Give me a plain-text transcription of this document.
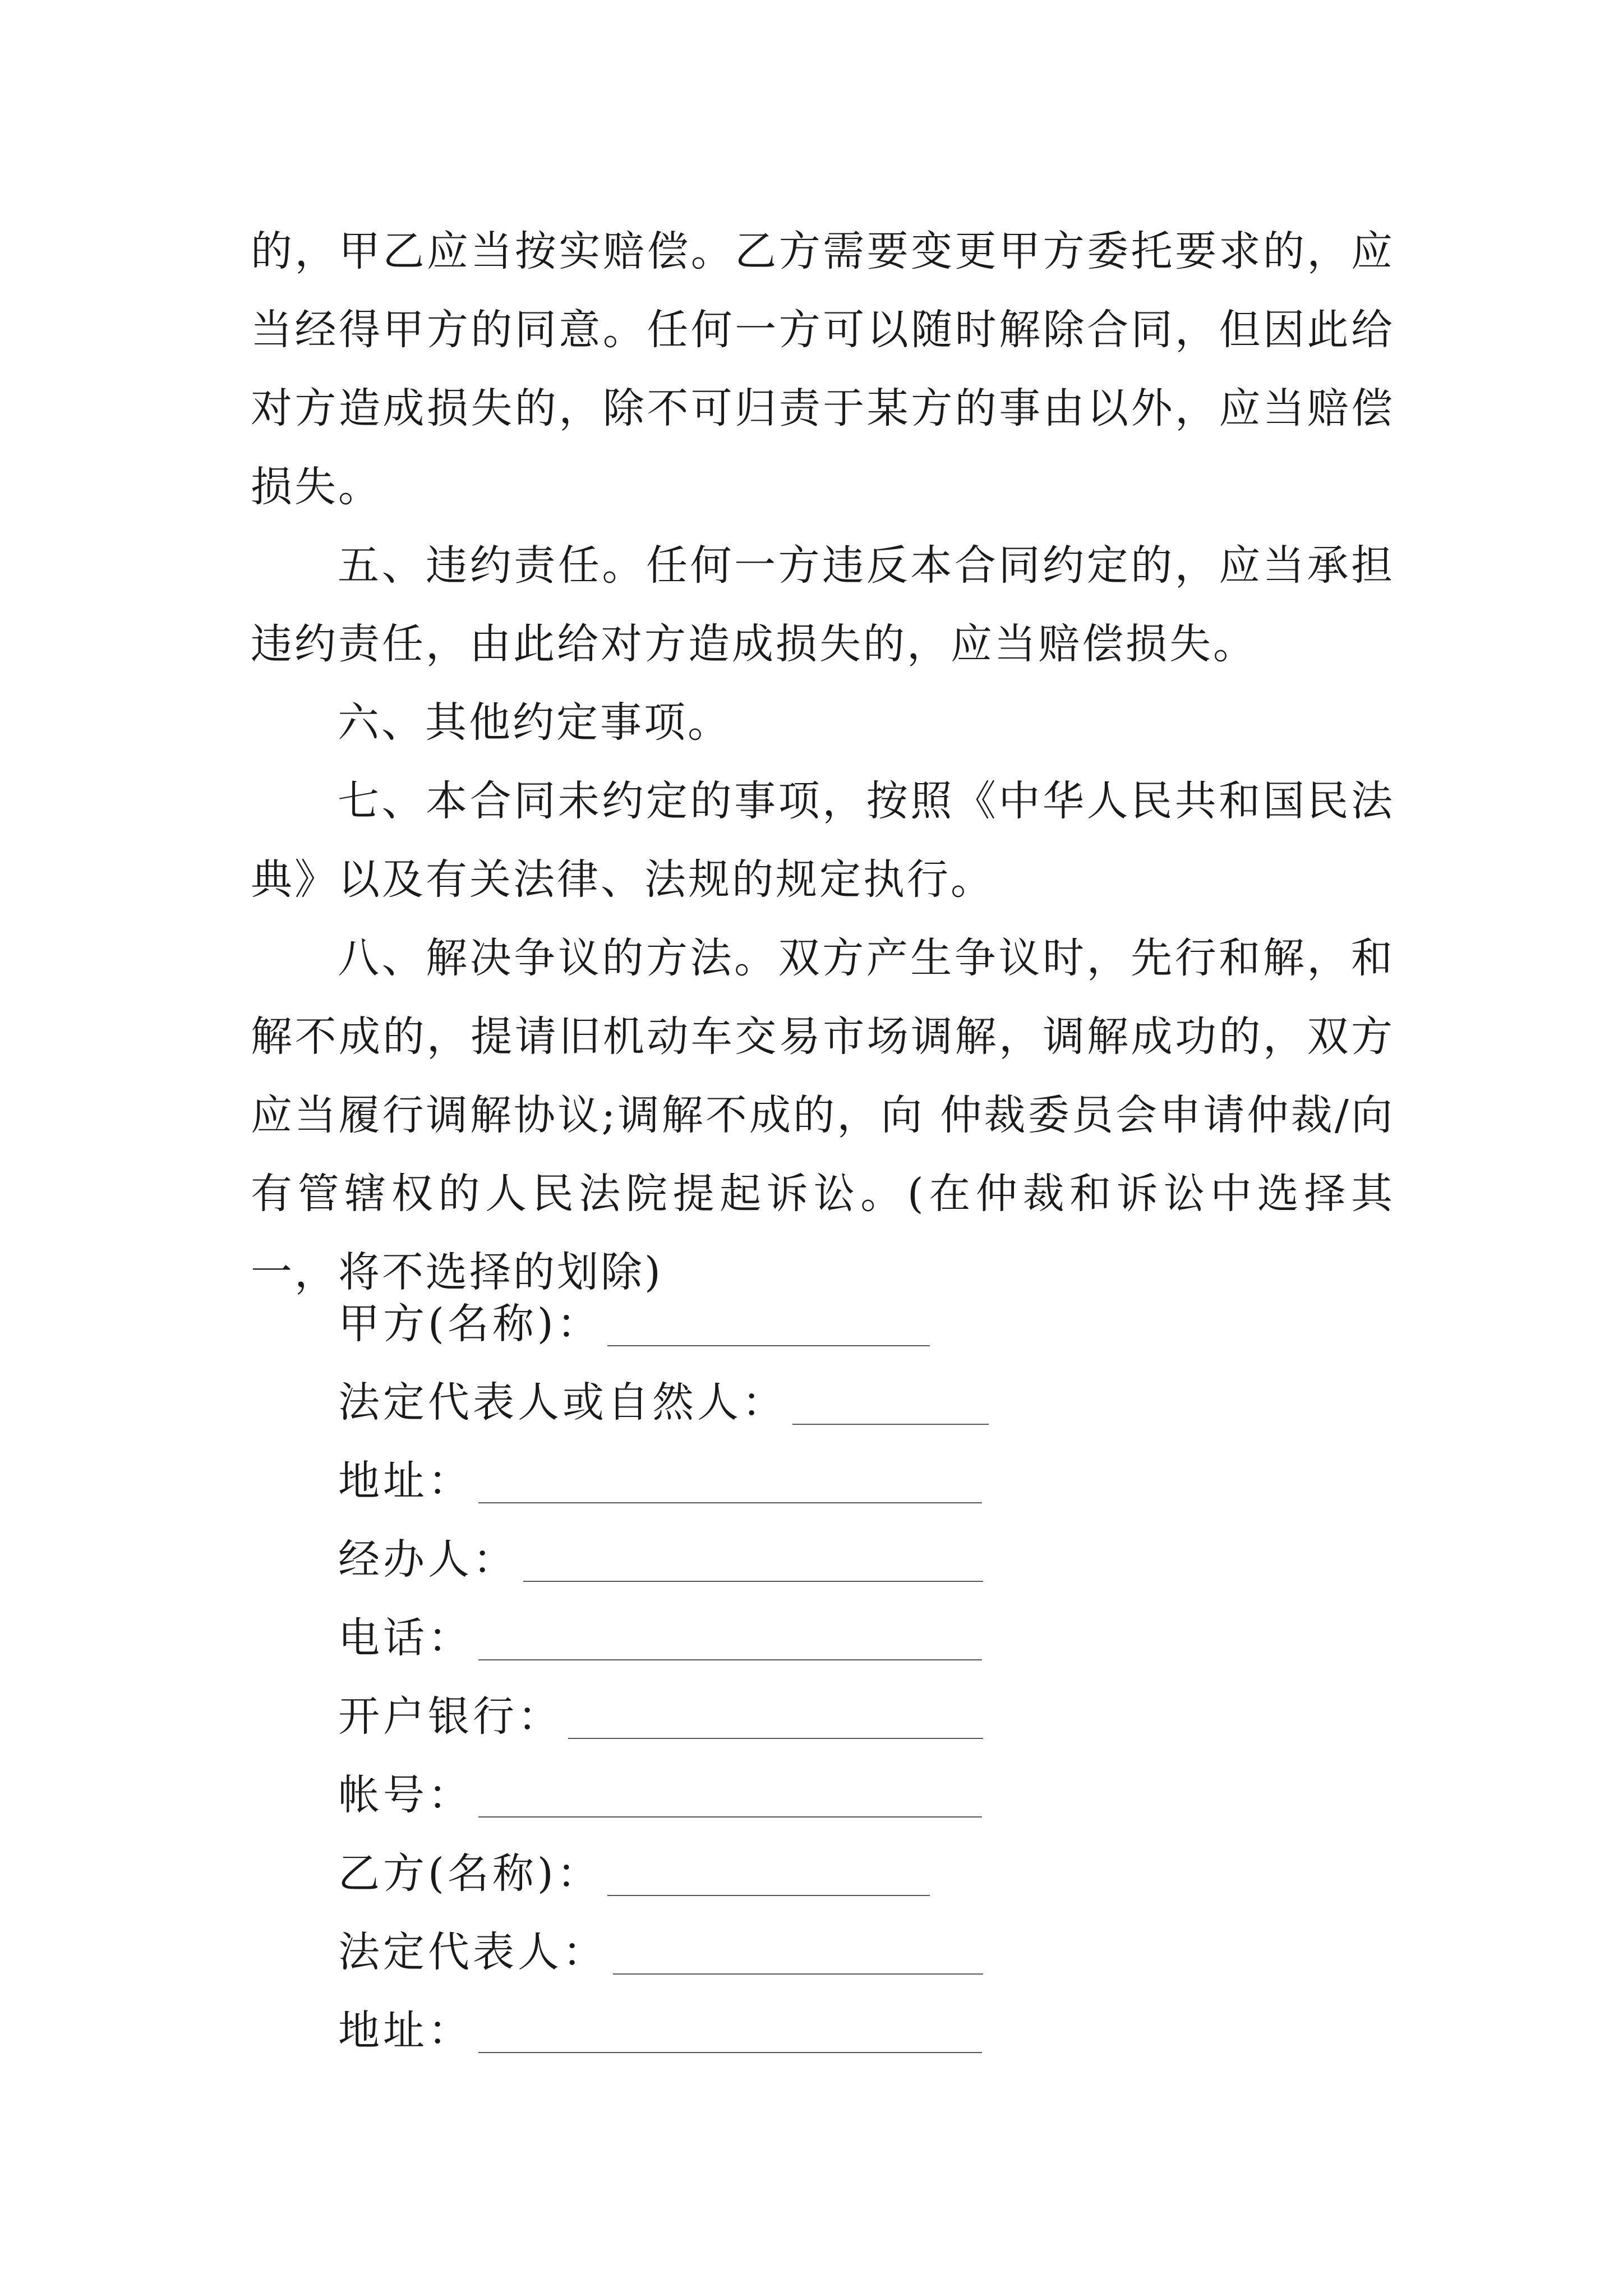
的，甲乙应当按实赔偿。乙方需要变更甲方委托要求的，应当经得甲方的同意。任何一方可以随时解除合同，但因此给对方造成损失的，除不可归责于某方的事由以外，应当赔偿损失。

五、违约责任。任何一方违反本合同约定的，应当承担违约责任，由此给对方造成损失的，应当赔偿损失。

六、其他约定事项。

七、本合同未约定的事项，按照《中华人民共和国民法典》以及有关法律、法规的规定执行。

八、解决争议的方法。双方产生争议时，先行和解，和解不成的，提请旧机动车交易市场调解，调解成功的，双方应当履行调解协议;调解不成的，向 仲裁委员会申请仲裁/向有管辖权的人民法院提起诉讼。(在仲裁和诉讼中选择其一，将不选择的划除)

甲方(名称)：
法定代表人或自然人：
地址：
经办人：
电话：
开户银行：
帐号：
乙方(名称)：
法定代表人：
地址：
